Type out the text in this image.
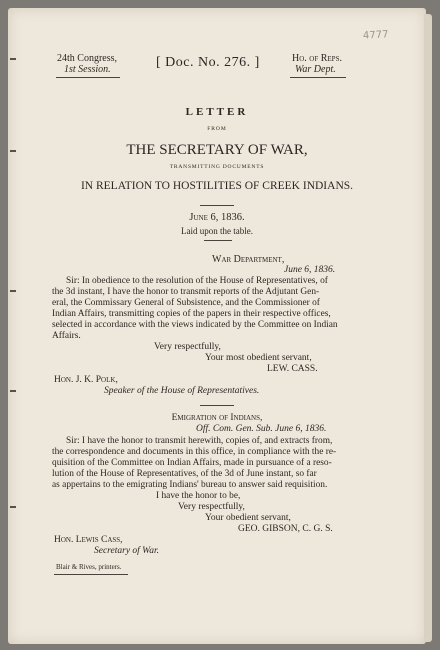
4777
24th Congress,
1st Session.	[ Doc. No. 276. ]	Ho. of Reps.
War Dept.
LETTER
FROM
THE SECRETARY OF WAR,
TRANSMITTING DOCUMENTS
IN RELATION TO HOSTILITIES OF CREEK INDIANS.
June 6, 1836.
Laid upon the table.
War Department,
June 6, 1836.
Sir: In obedience to the resolution of the House of Representatives, of
the 3d instant, I have the honor to transmit reports of the Adjutant Gen-
eral, the Commissary General of Subsistence, and the Commissioner of
Indian Affairs, transmitting copies of the papers in their respective offices,
selected in accordance with the views indicated by the Committee on Indian
Affairs.
Very respectfully,
Your most obedient servant,
LEW. CASS.
Hon. J. K. Polk,
Speaker of the House of Representatives.
Emigration of Indians,
Off. Com. Gen. Sub. June 6, 1836.
Sir: I have the honor to transmit herewith, copies of, and extracts from,
the correspondence and documents in this office, in compliance with the re-
quisition of the Committee on Indian Affairs, made in pursuance of a reso-
lution of the House of Representatives, of the 3d of June instant, so far
as appertains to the emigrating Indians' bureau to answer said requisition.
I have the honor to be,
Very respectfully,
Your obedient servant,
GEO. GIBSON, C. G. S.
Hon. Lewis Cass,
Secretary of War.
Blair & Rives, printers.
